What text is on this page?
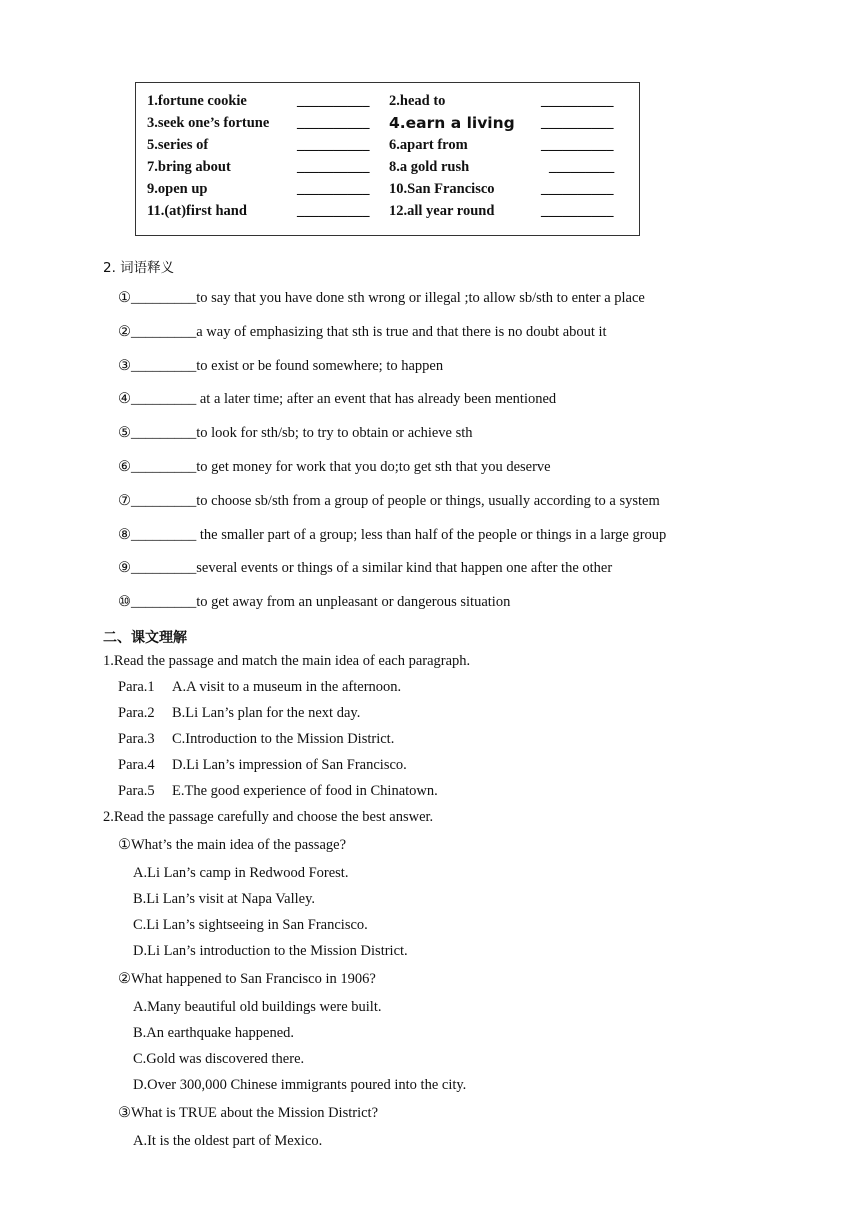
1.fortune cookie	__________ 2.head to	__________
3.seek one’s fortune __________ 4.earn a living __________
5.series of	__________ 6.apart from	__________
7.bring about	__________ 8.a gold rush	_________
9.open up	__________ 10.San Francisco	__________
11.(at)first hand	__________ 12.all year round	__________
2. 词语释义
①_________to say that you have done sth wrong or illegal ;to allow sb/sth to enter a place
②_________a way of emphasizing that sth is true and that there is no doubt about it
③_________to exist or be found somewhere; to happen
④_________ at a later time; after an event that has already been mentioned
⑤_________to look for sth/sb; to try to obtain or achieve sth
⑥_________to get money for work that you do;to get sth that you deserve
⑦_________to choose sb/sth from a group of people or things, usually according to a system
⑧_________ the smaller part of a group; less than half of the people or things in a large group
⑨_________several events or things of a similar kind that happen one after the other
⑩_________to get away from an unpleasant or dangerous situation
二、课文理解
1.Read the passage and match the main idea of each paragraph.
Para.1 A.A visit to a museum in the afternoon.
Para.2 B.Li Lan’s plan for the next day.
Para.3 C.Introduction to the Mission District.
Para.4 D.Li Lan’s impression of San Francisco.
Para.5 E.The good experience of food in Chinatown.
2.Read the passage carefully and choose the best answer.
①What’s the main idea of the passage?
A.Li Lan’s camp in Redwood Forest.
B.Li Lan’s visit at Napa Valley.
C.Li Lan’s sightseeing in San Francisco.
D.Li Lan’s introduction to the Mission District.
②What happened to San Francisco in 1906?
A.Many beautiful old buildings were built.
B.An earthquake happened.
C.Gold was discovered there.
D.Over 300,000 Chinese immigrants poured into the city.
③What is TRUE about the Mission District?
A.It is the oldest part of Mexico.
